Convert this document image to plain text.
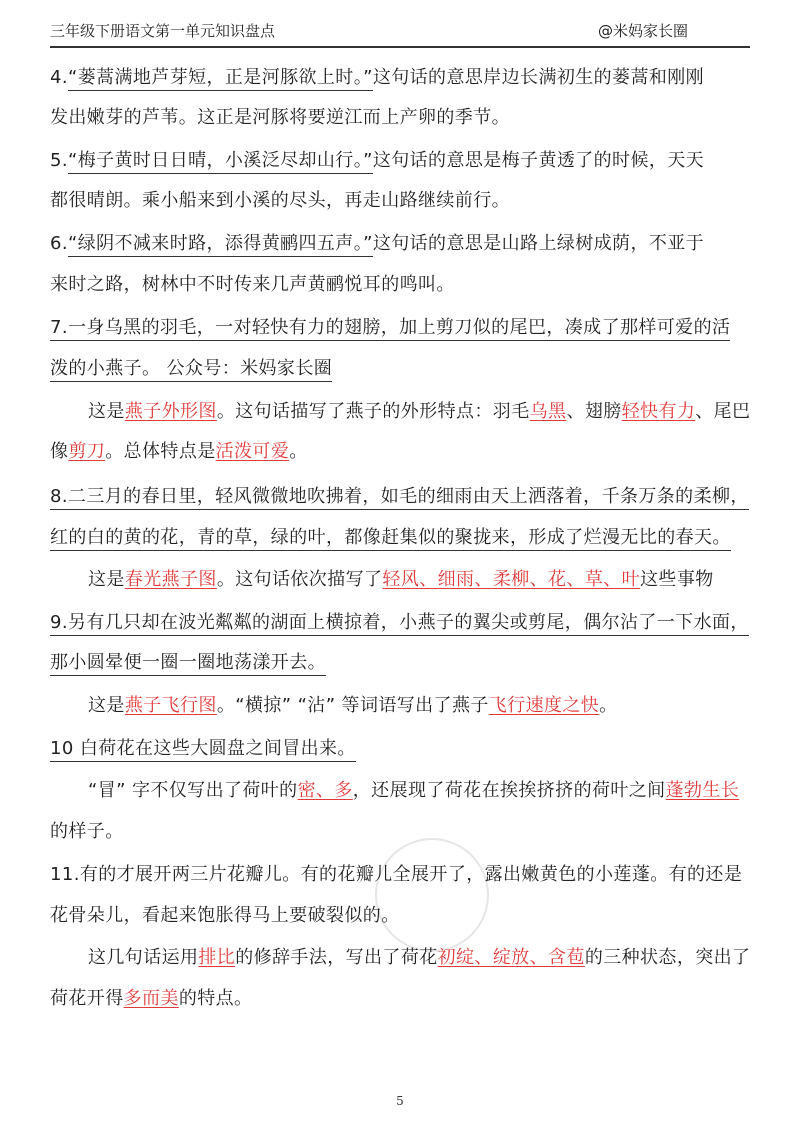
三年级下册语文第一单元知识盘点	@米妈家长圈
4.“蒌蒿满地芦芽短，正是河豚欲上时。”这句话的意思岸边长满初生的蒌蒿和刚刚
发出嫩芽的芦苇。这正是河豚将要逆江而上产卵的季节。
5.“梅子黄时日日晴，小溪泛尽却山行。”这句话的意思是梅子黄透了的时候，天天
都很晴朗。乘小船来到小溪的尽头，再走山路继续前行。
6.“绿阴不减来时路，添得黄鹂四五声。”这句话的意思是山路上绿树成荫，不亚于
来时之路，树林中不时传来几声黄鹂悦耳的鸣叫。
7.一身乌黑的羽毛，一对轻快有力的翅膀，加上剪刀似的尾巴，凑成了那样可爱的活
泼的小燕子。 公众号：米妈家长圈
这是燕子外形图。这句话描写了燕子的外形特点：羽毛乌黑、翅膀轻快有力、尾巴
像剪刀。总体特点是活泼可爱。
8.二三月的春日里，轻风微微地吹拂着，如毛的细雨由天上洒落着，千条万条的柔柳，
红的白的黄的花，青的草，绿的叶，都像赶集似的聚拢来，形成了烂漫无比的春天。
这是春光燕子图。这句话依次描写了轻风、细雨、柔柳、花、草、叶这些事物
9.另有几只却在波光粼粼的湖面上横掠着，小燕子的翼尖或剪尾，偶尔沾了一下水面，
那小圆晕便一圈一圈地荡漾开去。
这是燕子飞行图。“横掠” “沾” 等词语写出了燕子飞行速度之快。
10 白荷花在这些大圆盘之间冒出来。
“冒” 字不仅写出了荷叶的密、多，还展现了荷花在挨挨挤挤的荷叶之间蓬勃生长
的样子。
11.有的才展开两三片花瓣儿。有的花瓣儿全展开了，露出嫩黄色的小莲蓬。有的还是
花骨朵儿，看起来饱胀得马上要破裂似的。
这几句话运用排比的修辞手法，写出了荷花初绽、绽放、含苞的三种状态，突出了
荷花开得多而美的特点。
5
